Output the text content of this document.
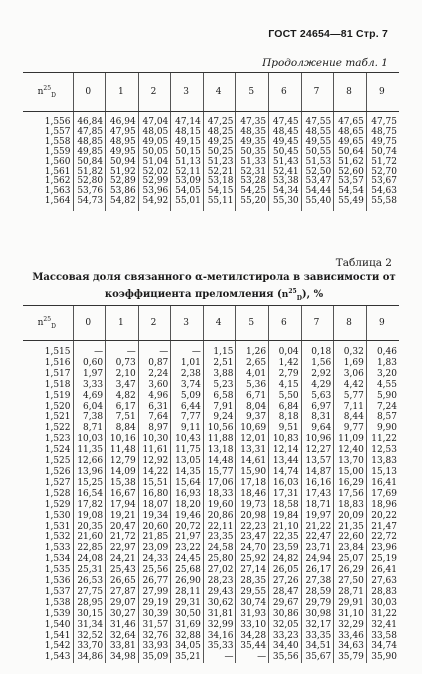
ГОСТ 24654—81 Стр. 7
Продолжение табл. 1
$n^{25}_D$	0	1	2	3	4	5	6	7	8	9
1,556	46,84	46,94	47,04	47,14	47,25	47,35	47,45	47,55	47,65	47,75
1,557	47,85	47,95	48,05	48,15	48,25	48,35	48,45	48,55	48,65	48,75
1,558	48,85	48,95	49,05	49,15	49,25	49,35	49,45	49,55	49,65	49,75
1,559	49,85	49,95	50,05	50,15	50,25	50,35	50,45	50,55	50,64	50,74
1,560	50,84	50,94	51,04	51,13	51,23	51,33	51,43	51,53	51,62	51,72
1,561	51,82	51,92	52,02	52,11	52,21	52,31	52,41	52,50	52,60	52,70
1,562	52,80	52,89	52,99	53,09	53,18	53,28	53,38	53,47	53,57	53,67
1,563	53,76	53,86	53,96	54,05	54,15	54,25	54,34	54,44	54,54	54,63
1,564	54,73	54,82	54,92	55,01	55,11	55,20	55,30	55,40	55,49	55,58
Таблица 2
Массовая доля связанного α-метилстирола в зависимости от коэффициента преломления $(n^{25}_D)$, %
$n^{25}_D$	0	1	2	3	4	5	6	7	8	9
1,515	—	—	—	—	1,15	1,26	0,04	0,18	0,32	0,46
1,516	0,60	0,73	0,87	1,01	2,51	2,65	1,42	1,56	1,69	1,83
1,517	1,97	2,10	2,24	2,38	3,88	4,01	2,79	2,92	3,06	3,20
1,518	3,33	3,47	3,60	3,74	5,23	5,36	4,15	4,29	4,42	4,55
1,519	4,69	4,82	4,96	5,09	6,58	6,71	5,50	5,63	5,77	5,90
1,520	6,04	6,17	6,31	6,44	7,91	8,04	6,84	6,97	7,11	7,24
1,521	7,38	7,51	7,64	7,77	9,24	9,37	8,18	8,31	8,44	8,57
1,522	8,71	8,84	8,97	9,11	10,56	10,69	9,51	9,64	9,77	9,90
1,523	10,03	10,16	10,30	10,43	11,88	12,01	10,83	10,96	11,09	11,22
1,524	11,35	11,48	11,61	11,75	13,18	13,31	12,14	12,27	12,40	12,53
1,525	12,66	12,79	12,92	13,05	14,48	14,61	13,44	13,57	13,70	13,83
1,526	13,96	14,09	14,22	14,35	15,77	15,90	14,74	14,87	15,00	15,13
1,527	15,25	15,38	15,51	15,64	17,06	17,18	16,03	16,16	16,29	16,41
1,528	16,54	16,67	16,80	16,93	18,33	18,46	17,31	17,43	17,56	17,69
1,529	17,82	17,94	18,07	18,20	19,60	19,73	18,58	18,71	18,83	18,96
1,530	19,08	19,21	19,34	19,46	20,86	20,98	19,84	19,97	20,09	20,22
1,531	20,35	20,47	20,60	20,72	22,11	22,23	21,10	21,22	21,35	21,47
1,532	21,60	21,72	21,85	21,97	23,35	23,47	22,35	22,47	22,60	22,72
1,533	22,85	22,97	23,09	23,22	24,58	24,70	23,59	23,71	23,84	23,96
1,534	24,08	24,21	24,33	24,45	25,80	25,92	24,82	24,94	25,07	25,19
1,535	25,31	25,43	25,56	25,68	27,02	27,14	26,05	26,17	26,29	26,41
1,536	26,53	26,65	26,77	26,90	28,23	28,35	27,26	27,38	27,50	27,63
1,537	27,75	27,87	27,99	28,11	29,43	29,55	28,47	28,59	28,71	28,83
1,538	28,95	29,07	29,19	29,31	30,62	30,74	29,67	29,79	29,91	30,03
1,539	30,15	30,27	30,39	30,50	31,81	31,93	30,86	30,98	31,10	31,22
1,540	31,34	31,46	31,57	31,69	32,99	33,10	32,05	32,17	32,29	32,41
1,541	32,52	32,64	32,76	32,88	34,16	34,28	33,23	33,35	33,46	33,58
1,542	33,70	33,81	33,93	34,05	35,33	35,44	34,40	34,51	34,63	34,74
1,543	34,86	34,98	35,09	35,21	—	—	35,56	35,67	35,79	35,90
